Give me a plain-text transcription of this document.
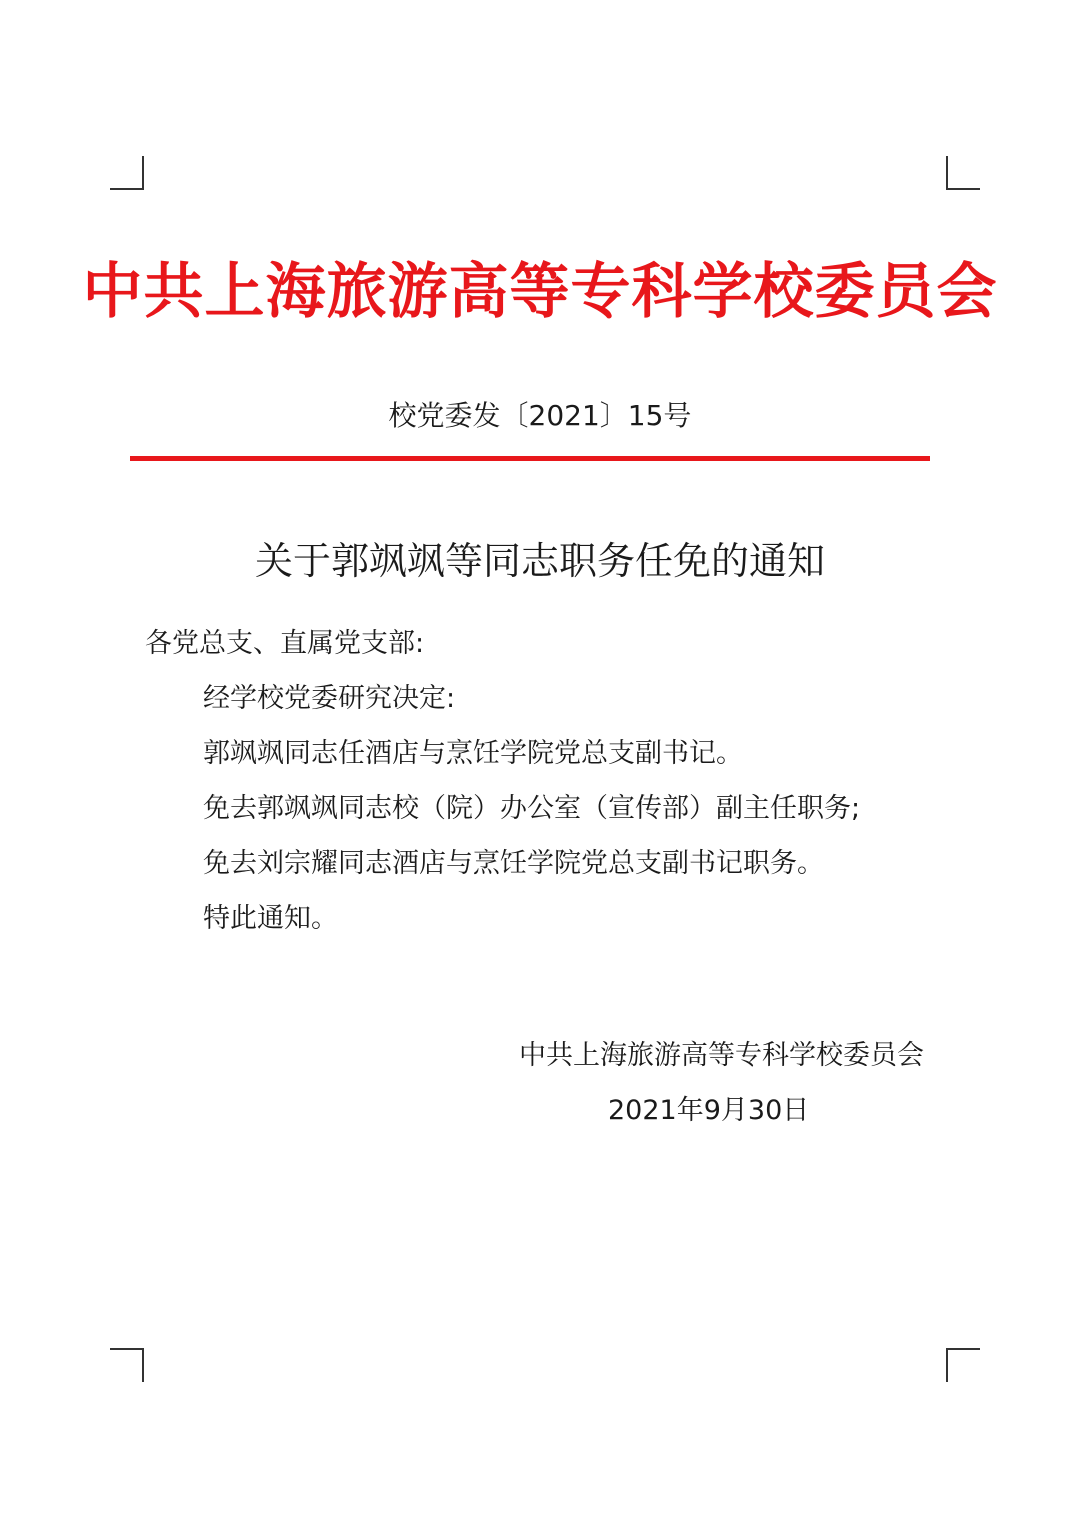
中共上海旅游高等专科学校委员会
校党委发〔2021〕15号
关于郭飒飒等同志职务任免的通知
各党总支、直属党支部:
经学校党委研究决定:
郭飒飒同志任酒店与烹饪学院党总支副书记。
免去郭飒飒同志校（院）办公室（宣传部）副主任职务;
免去刘宗耀同志酒店与烹饪学院党总支副书记职务。
特此通知。
中共上海旅游高等专科学校委员会
2021年9月30日
